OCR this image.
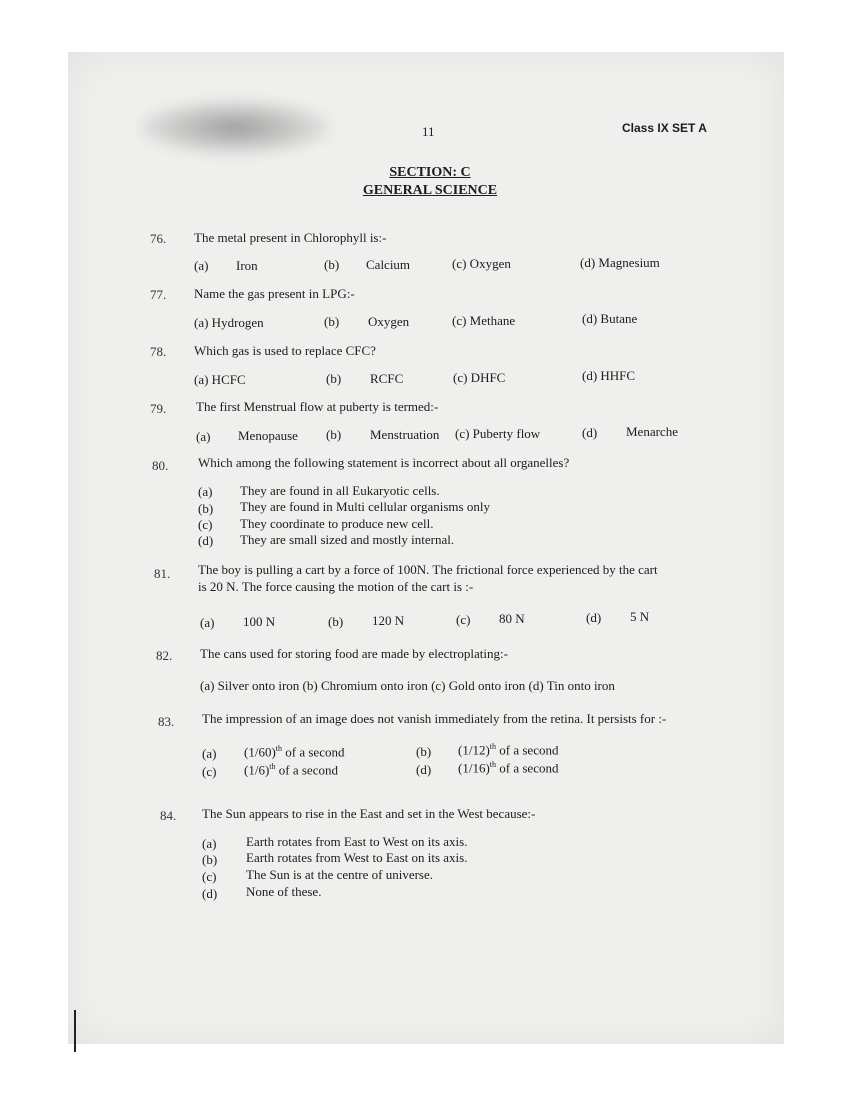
11	Class IX SET A
SECTION: C
GENERAL SCIENCE
76. The metal present in Chlorophyll is:-
(a) Iron	(b) Calcium	(c) Oxygen	(d) Magnesium
77. Name the gas present in LPG:-
(a) Hydrogen	(b) Oxygen	(c) Methane	(d) Butane
78. Which gas is used to replace CFC?
(a) HCFC	(b) RCFC	(c) DHFC	(d) HHFC
79. The first Menstrual flow at puberty is termed:-
(a) Menopause (b) Menstruation (c) Puberty flow	(d) Menarche
80. Which among the following statement is incorrect about all organelles?
(a) They are found in all Eukaryotic cells.
(b) They are found in Multi cellular organisms only
(c) They coordinate to produce new cell.
(d) They are small sized and mostly internal.
81. The boy is pulling a cart by a force of 100N. The frictional force experienced by the cart
is 20 N. The force causing the motion of the cart is :-
(a) 100 N	(b) 120 N	(c) 80 N	(d) 5 N
82. The cans used for storing food are made by electroplating:-
(a) Silver onto iron (b) Chromium onto iron (c) Gold onto iron (d) Tin onto iron
83. The impression of an image does not vanish immediately from the retina. It persists for :-
(a) $(1/60)^{th}$ of a second	(b) $(1/12)^{th}$ of a second
(c) $(1/6)^{th}$ of a second	(d) $(1/16)^{th}$ of a second
84. The Sun appears to rise in the East and set in the West because:-
(a) Earth rotates from East to West on its axis.
(b) Earth rotates from West to East on its axis.
(c) The Sun is at the centre of universe.
(d) None of these.
